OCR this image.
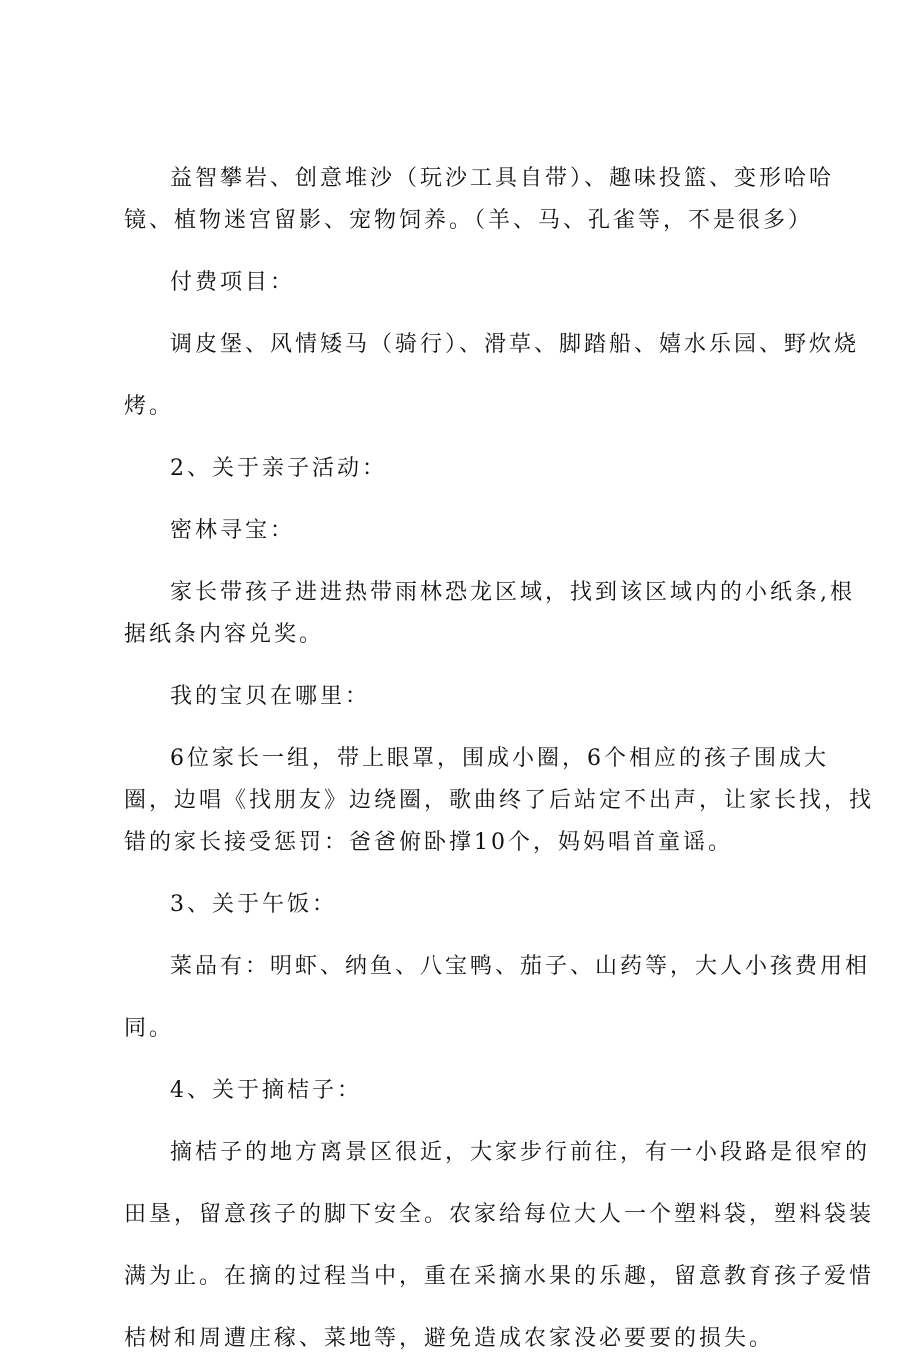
益智攀岩、创意堆沙（玩沙工具自带）、趣味投篮、变形哈哈

镜、植物迷宫留影、宠物饲养。（羊、马、孔雀等，不是很多）

付费项目：

调皮堡、风情矮马（骑行）、滑草、脚踏船、嬉水乐园、野炊烧

烤。

2、关于亲子活动：

密林寻宝：

家长带孩子进进热带雨林恐龙区域，找到该区域内的小纸条,根

据纸条内容兑奖。

我的宝贝在哪里：

6位家长一组，带上眼罩，围成小圈，6个相应的孩子围成大

圈，边唱《找朋友》边绕圈，歌曲终了后站定不出声，让家长找，找

错的家长接受惩罚：爸爸俯卧撑10个，妈妈唱首童谣。

3、关于午饭：

菜品有：明虾、纳鱼、八宝鸭、茄子、山药等，大人小孩费用相

同。

4、关于摘桔子：

摘桔子的地方离景区很近，大家步行前往，有一小段路是很窄的

田垦，留意孩子的脚下安全。农家给每位大人一个塑料袋，塑料袋装

满为止。在摘的过程当中，重在采摘水果的乐趣，留意教育孩子爱惜

桔树和周遭庄稼、菜地等，避免造成农家没必要要的损失。
